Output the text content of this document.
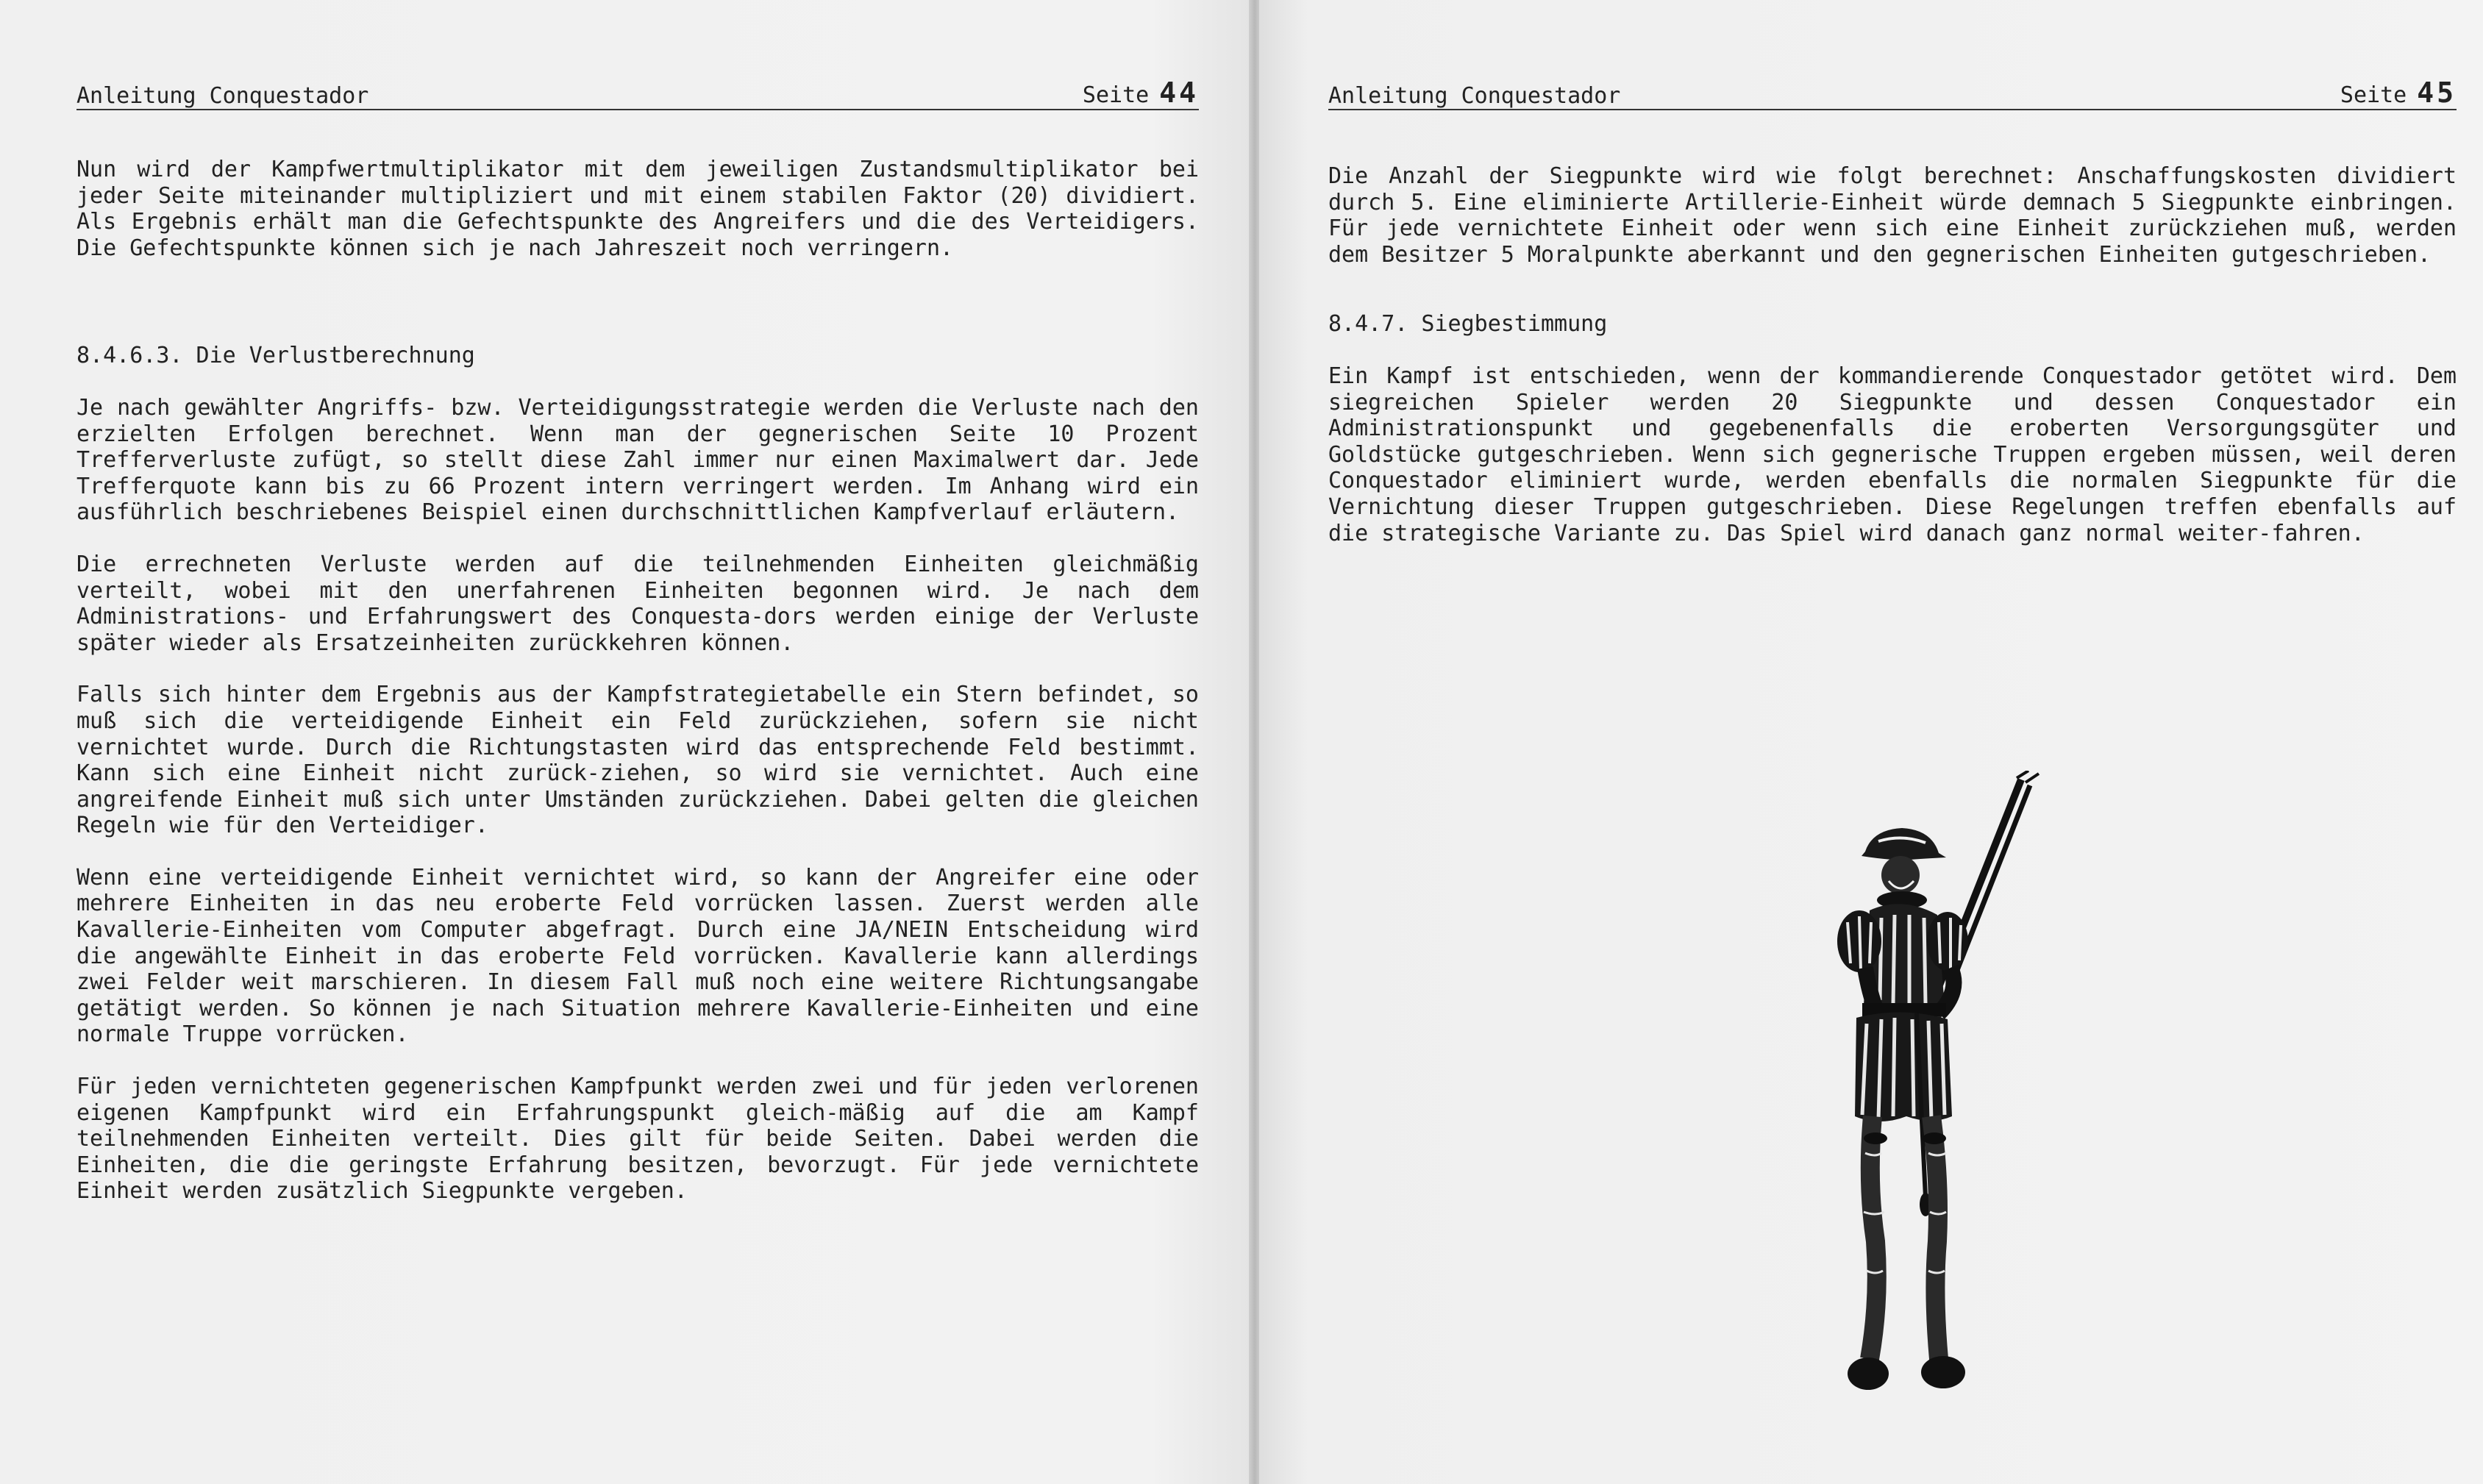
Anleitung Conquestador	Seite 44

Nun wird der Kampfwertmultiplikator mit dem jeweiligen Zustandsmultiplikator bei jeder Seite miteinander multipliziert und mit einem stabilen Faktor (20) dividiert. Als Ergebnis erhält man die Gefechtspunkte des Angreifers und die des Verteidigers. Die Gefechtspunkte können sich je nach Jahreszeit noch verringern.

8.4.6.3. Die Verlustberechnung

Je nach gewählter Angriffs- bzw. Verteidigungsstrategie werden die Verluste nach den erzielten Erfolgen berechnet. Wenn man der gegnerischen Seite 10 Prozent Trefferverluste zufügt, so stellt diese Zahl immer nur einen Maximalwert dar. Jede Trefferquote kann bis zu 66 Prozent intern verringert werden. Im Anhang wird ein ausführlich beschriebenes Beispiel einen durchschnittlichen Kampfverlauf erläutern.

Die errechneten Verluste werden auf die teilnehmenden Einheiten gleichmäßig verteilt, wobei mit den unerfahrenen Einheiten begonnen wird. Je nach dem Administrations- und Erfahrungswert des Conquesta-dors werden einige der Verluste später wieder als Ersatzeinheiten zurückkehren können.

Falls sich hinter dem Ergebnis aus der Kampfstrategietabelle ein Stern befindet, so muß sich die verteidigende Einheit ein Feld zurückziehen, sofern sie nicht vernichtet wurde. Durch die Richtungstasten wird das entsprechende Feld bestimmt. Kann sich eine Einheit nicht zurück-ziehen, so wird sie vernichtet. Auch eine angreifende Einheit muß sich unter Umständen zurückziehen. Dabei gelten die gleichen Regeln wie für den Verteidiger.

Wenn eine verteidigende Einheit vernichtet wird, so kann der Angreifer eine oder mehrere Einheiten in das neu eroberte Feld vorrücken lassen. Zuerst werden alle Kavallerie-Einheiten vom Computer abgefragt. Durch eine JA/NEIN Entscheidung wird die angewählte Einheit in das eroberte Feld vorrücken. Kavallerie kann allerdings zwei Felder weit marschieren. In diesem Fall muß noch eine weitere Richtungsangabe getätigt werden. So können je nach Situation mehrere Kavallerie-Einheiten und eine normale Truppe vorrücken.

Für jeden vernichteten gegenerischen Kampfpunkt werden zwei und für jeden verlorenen eigenen Kampfpunkt wird ein Erfahrungspunkt gleich-mäßig auf die am Kampf teilnehmenden Einheiten verteilt. Dies gilt für beide Seiten. Dabei werden die Einheiten, die die geringste Erfahrung besitzen, bevorzugt. Für jede vernichtete Einheit werden zusätzlich Siegpunkte vergeben.

Anleitung Conquestador	Seite 45

Die Anzahl der Siegpunkte wird wie folgt berechnet: Anschaffungskosten dividiert durch 5. Eine eliminierte Artillerie-Einheit würde demnach 5 Siegpunkte einbringen. Für jede vernichtete Einheit oder wenn sich eine Einheit zurückziehen muß, werden dem Besitzer 5 Moralpunkte aberkannt und den gegnerischen Einheiten gutgeschrieben.

8.4.7. Siegbestimmung

Ein Kampf ist entschieden, wenn der kommandierende Conquestador getötet wird. Dem siegreichen Spieler werden 20 Siegpunkte und dessen Conquestador ein Administrationspunkt und gegebenenfalls die eroberten Versorgungsgüter und Goldstücke gutgeschrieben. Wenn sich gegnerische Truppen ergeben müssen, weil deren Conquestador eliminiert wurde, werden ebenfalls die normalen Siegpunkte für die Vernichtung dieser Truppen gutgeschrieben. Diese Regelungen treffen ebenfalls auf die strategische Variante zu. Das Spiel wird danach ganz normal weiter-fahren.
